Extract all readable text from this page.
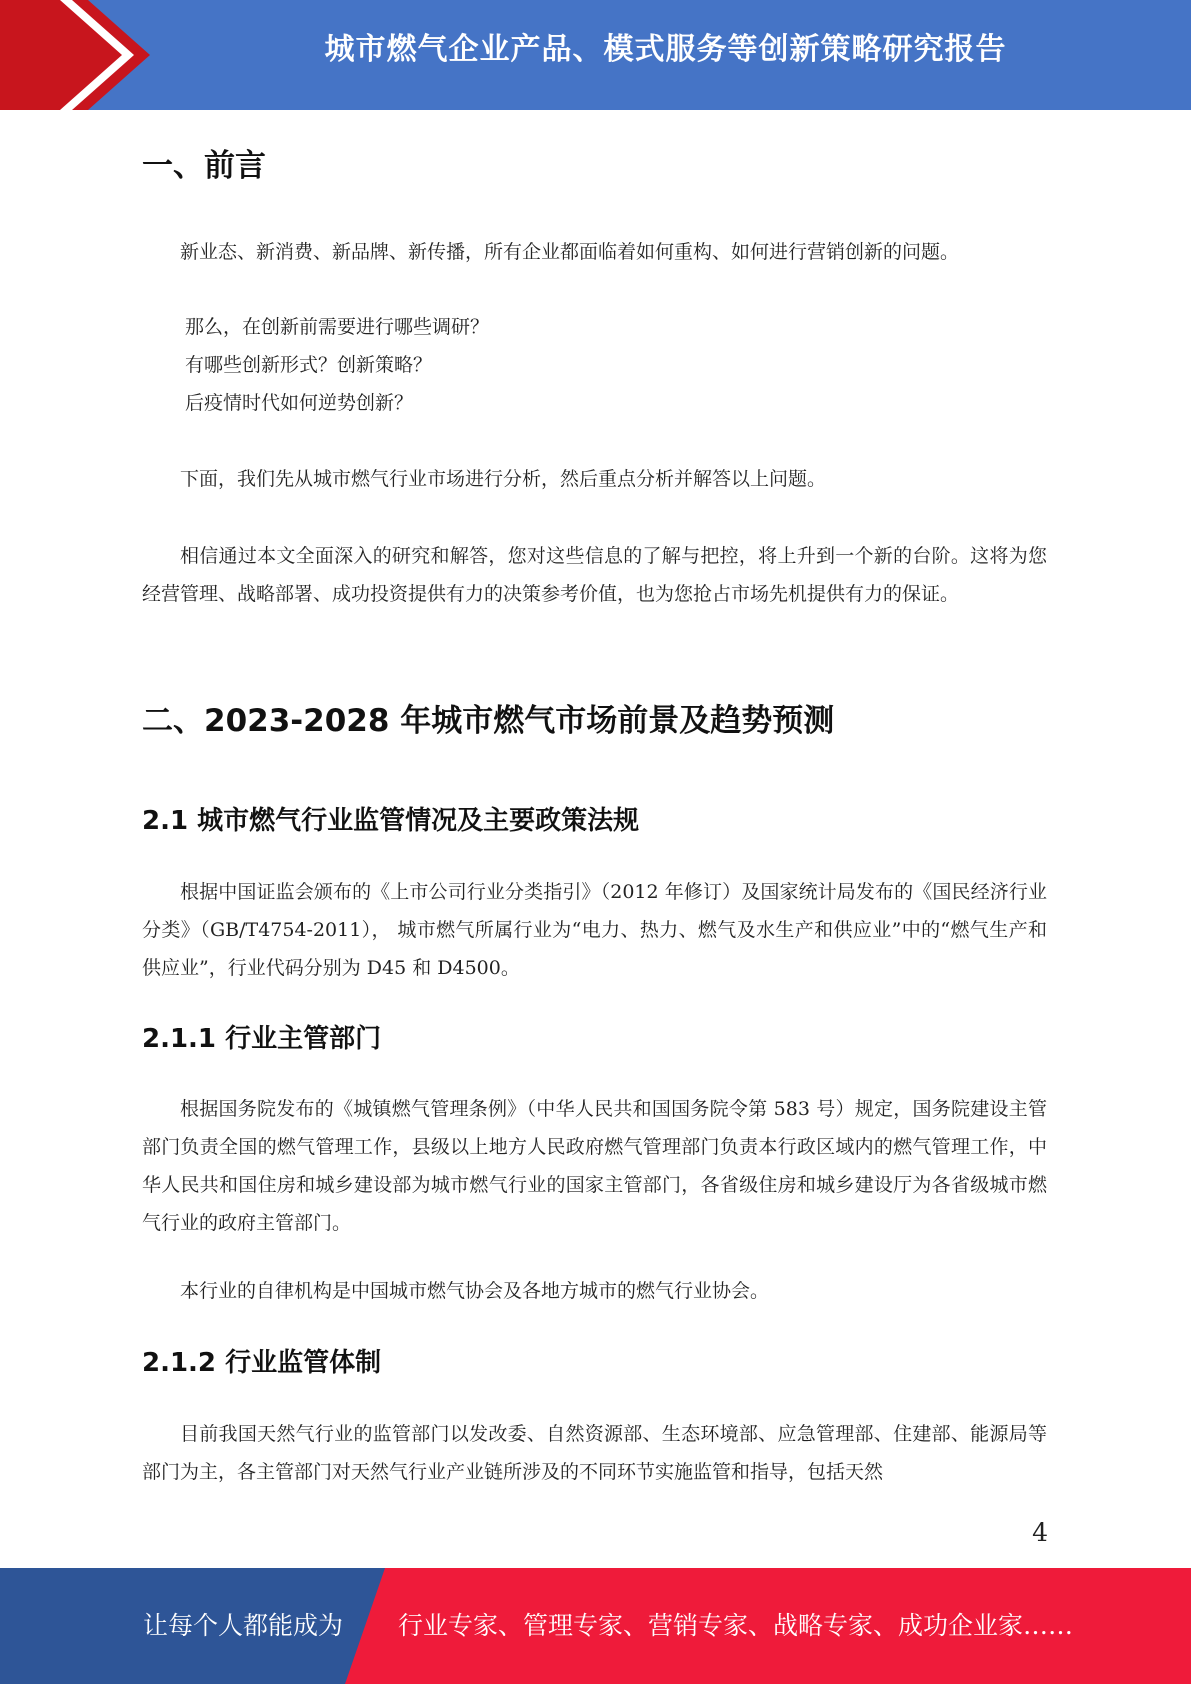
城市燃气企业产品、模式服务等创新策略研究报告
一、前言

新业态、新消费、新品牌、新传播，所有企业都面临着如何重构、如何进行营销创新的问题。

那么，在创新前需要进行哪些调研？
有哪些创新形式？创新策略？
后疫情时代如何逆势创新？

下面，我们先从城市燃气行业市场进行分析，然后重点分析并解答以上问题。

相信通过本文全面深入的研究和解答，您对这些信息的了解与把控，将上升到一个新的台阶。这将为您经营管理、战略部署、成功投资提供有力的决策参考价值，也为您抢占市场先机提供有力的保证。

二、2023-2028 年城市燃气市场前景及趋势预测
2.1 城市燃气行业监管情况及主要政策法规

根据中国证监会颁布的《上市公司行业分类指引》（2012 年修订）及国家统计局发布的《国民经济行业分类》（GB/T4754-2011）， 城市燃气所属行业为“电力、热力、燃气及水生产和供应业”中的“燃气生产和供应业”，行业代码分别为 D45 和 D4500。

2.1.1 行业主管部门

根据国务院发布的《城镇燃气管理条例》（中华人民共和国国务院令第 583 号）规定，国务院建设主管部门负责全国的燃气管理工作，县级以上地方人民政府燃气管理部门负责本行政区域内的燃气管理工作，中华人民共和国住房和城乡建设部为城市燃气行业的国家主管部门，各省级住房和城乡建设厅为各省级城市燃气行业的政府主管部门。

本行业的自律机构是中国城市燃气协会及各地方城市的燃气行业协会。

2.1.2 行业监管体制

目前我国天然气行业的监管部门以发改委、自然资源部、生态环境部、应急管理部、住建部、能源局等部门为主，各主管部门对天然气行业产业链所涉及的不同环节实施监管和指导，包括天然

4
让每个人都能成为 行业专家、管理专家、营销专家、战略专家、成功企业家……
